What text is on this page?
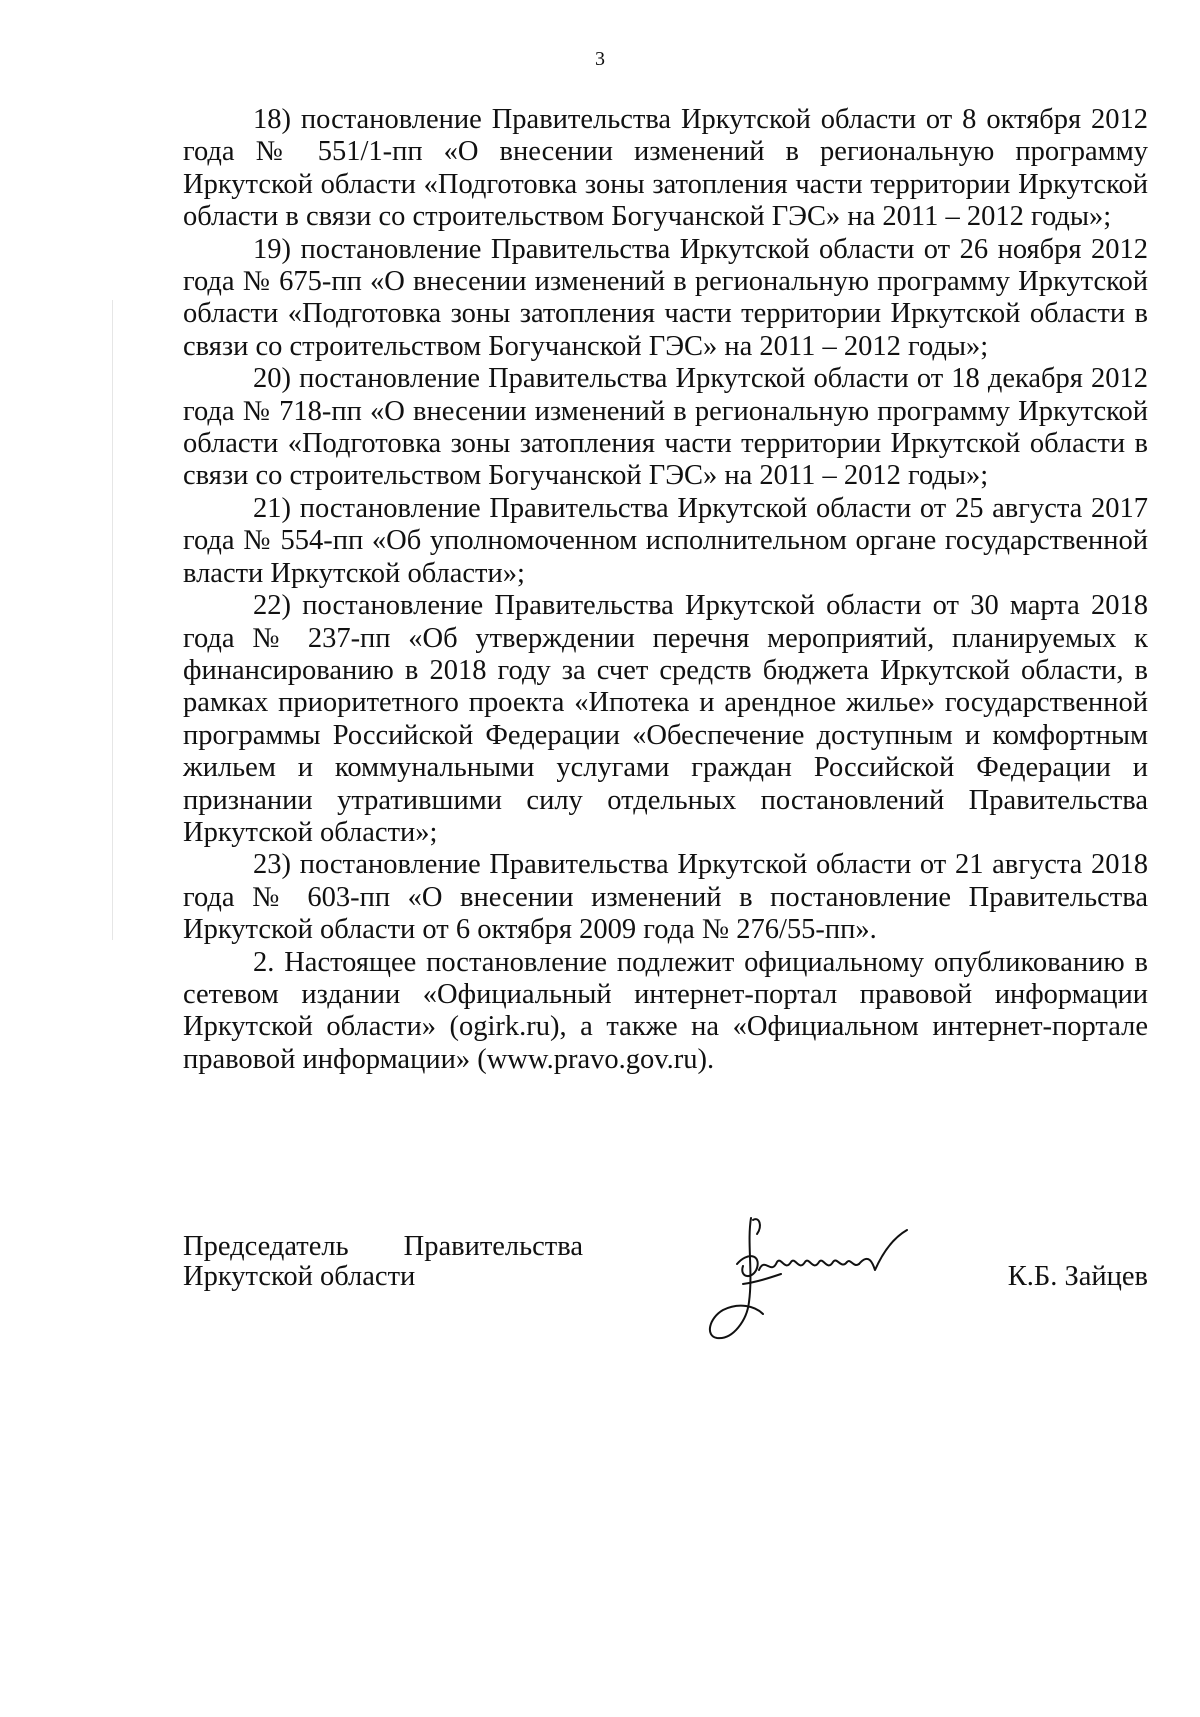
3

18) постановление Правительства Иркутской области от 8 октября 2012 года № 551/1-пп «О внесении изменений в региональную программу Иркутской области «Подготовка зоны затопления части территории Иркутской области в связи со строительством Богучанской ГЭС» на 2011 – 2012 годы»;

19) постановление Правительства Иркутской области от 26 ноября 2012 года № 675-пп «О внесении изменений в региональную программу Иркутской области «Подготовка зоны затопления части территории Иркутской области в связи со строительством Богучанской ГЭС» на 2011 – 2012 годы»;

20) постановление Правительства Иркутской области от 18 декабря 2012 года № 718-пп «О внесении изменений в региональную программу Иркутской области «Подготовка зоны затопления части территории Иркутской области в связи со строительством Богучанской ГЭС» на 2011 – 2012 годы»;

21) постановление Правительства Иркутской области от 25 августа 2017 года № 554-пп «Об уполномоченном исполнительном органе государственной власти Иркутской области»;

22) постановление Правительства Иркутской области от 30 марта 2018 года № 237-пп «Об утверждении перечня мероприятий, планируемых к финансированию в 2018 году за счет средств бюджета Иркутской области, в рамках приоритетного проекта «Ипотека и арендное жилье» государственной программы Российской Федерации «Обеспечение доступным и комфортным жильем и коммунальными услугами граждан Российской Федерации и признании утратившими силу отдельных постановлений Правительства Иркутской области»;

23) постановление Правительства Иркутской области от 21 августа 2018 года № 603-пп «О внесении изменений в постановление Правительства Иркутской области от 6 октября 2009 года № 276/55-пп».

2. Настоящее постановление подлежит официальному опубликованию в сетевом издании «Официальный интернет-портал правовой информации Иркутской области» (ogirk.ru), а также на «Официальном интернет-портале правовой информации» (www.pravo.gov.ru).

Председатель Правительства
Иркутской области	К.Б. Зайцев
